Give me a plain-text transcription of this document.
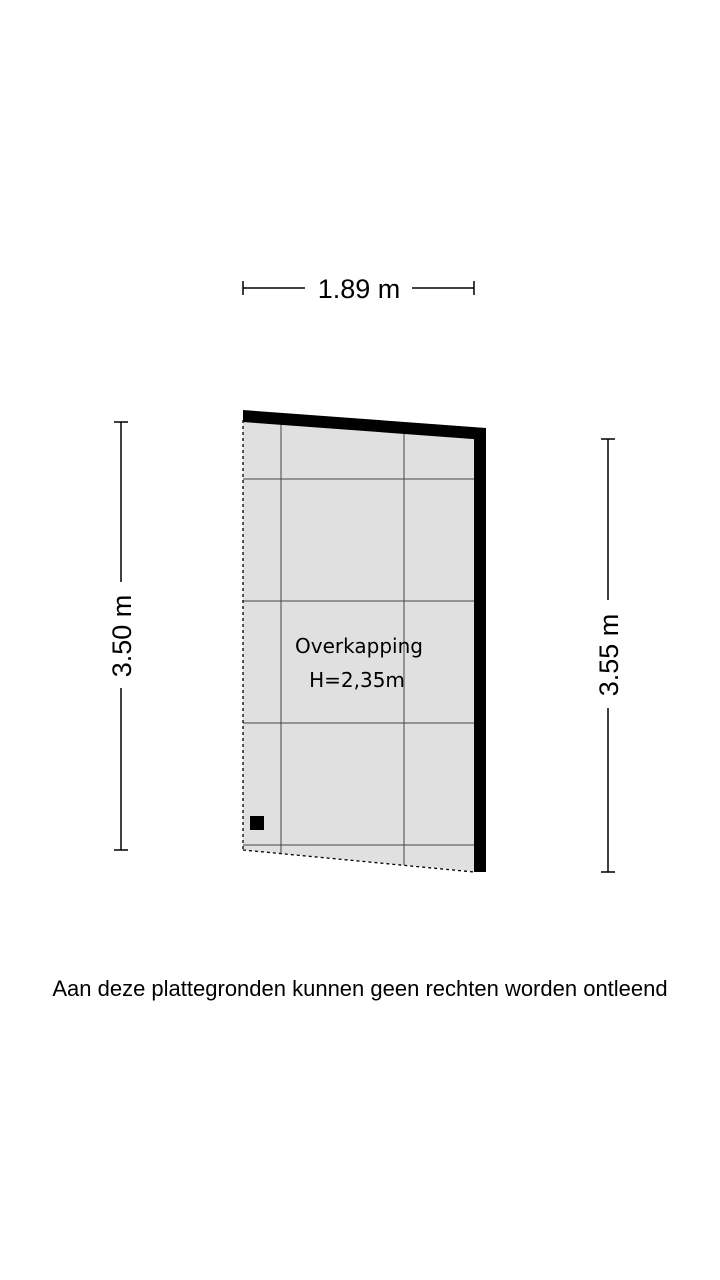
1.89 m
3.50 m	3.55 m
Overkapping
H=2,35m
Aan deze plattegronden kunnen geen rechten worden ontleend
